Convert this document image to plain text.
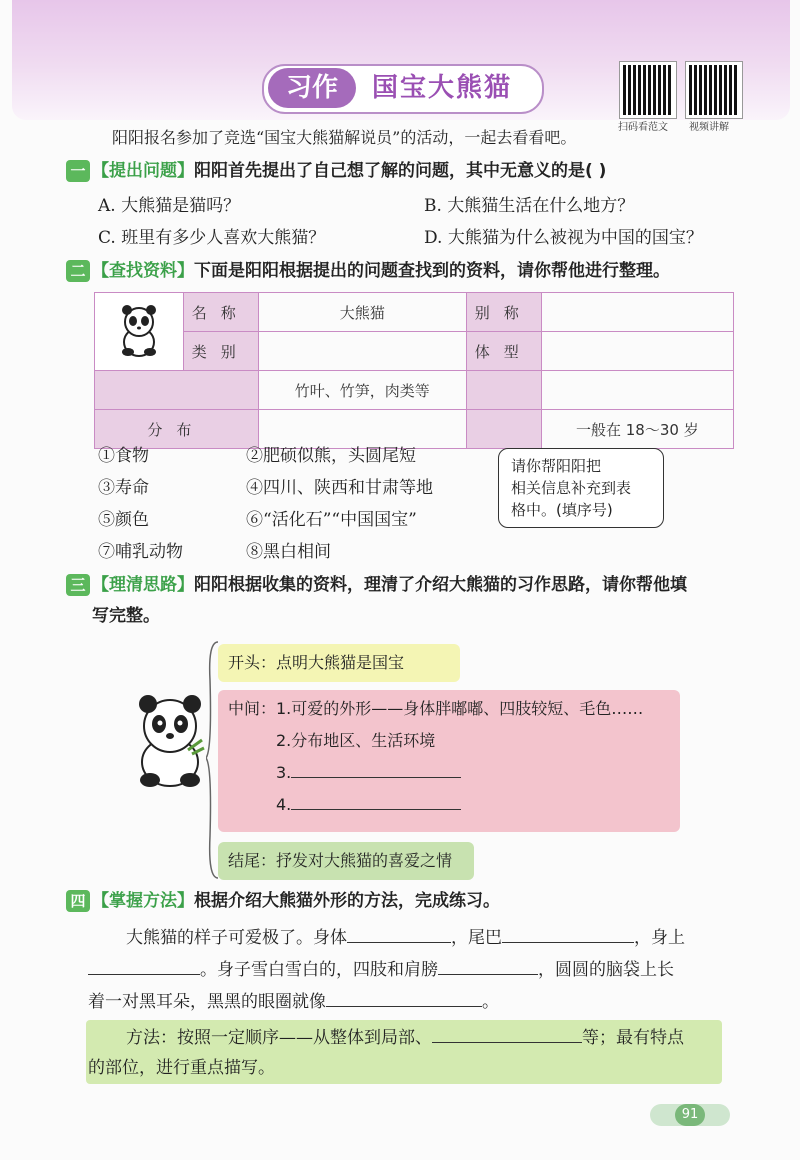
习作	国宝大熊猫
扫码看范文	视频讲解
阳阳报名参加了竞选“国宝大熊猫解说员”的活动，一起去看看吧。
一 【提出问题】阳阳首先提出了自己想了解的问题，其中无意义的是( )
A. 大熊猫是猫吗？	B. 大熊猫生活在什么地方？
C. 班里有多少人喜欢大熊猫？	D. 大熊猫为什么被视为中国的国宝？
二 【查找资料】下面是阳阳根据提出的问题查找到的资料，请你帮他进行整理。
	名称	大熊猫	别称	
	类别		体型	
		竹叶、竹笋，肉类等		
分布				一般在 18～30 岁
①食物	②肥硕似熊，头圆尾短
③寿命	④四川、陕西和甘肃等地
⑤颜色	⑥“活化石”“中国国宝”
⑦哺乳动物	⑧黑白相间
请你帮阳阳把
相关信息补充到表
格中。(填序号)
三 【理清思路】阳阳根据收集的资料，理清了介绍大熊猫的习作思路，请你帮他填
写完整。
开头：点明大熊猫是国宝
中间：1.可爱的外形——身体胖嘟嘟、四肢较短、毛色……
2.分布地区、生活环境
3.
4.
结尾：抒发对大熊猫的喜爱之情
四 【掌握方法】根据介绍大熊猫外形的方法，完成练习。
大熊猫的样子可爱极了。身体	，尾巴	，身上
。身子雪白雪白的，四肢和肩膀	，圆圆的脑袋上长
着一对黑耳朵，黑黑的眼圈就像	。
方法：按照一定顺序——从整体到局部、	等；最有特点
的部位，进行重点描写。
91
